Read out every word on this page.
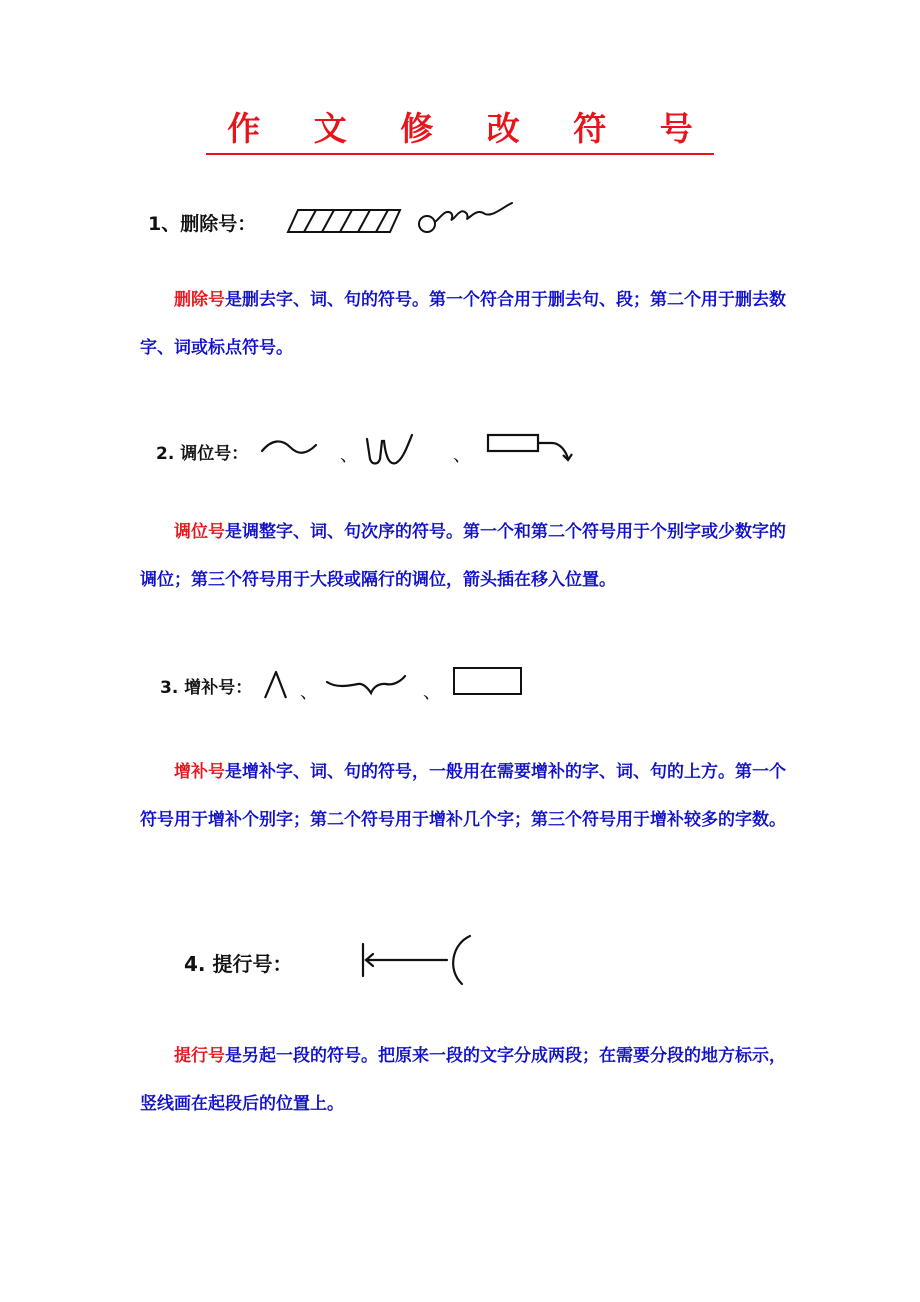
作 文 修 改 符 号
1、删除号：

删除号是删去字、词、句的符号。第一个符合用于删去句、段；第二个用于删去数字、词或标点符号。

2. 调位号：	、	、

调位号是调整字、词、句次序的符号。第一个和第二个符号用于个别字或少数字的调位；第三个符号用于大段或隔行的调位，箭头插在移入位置。

3. 增补号：	、	、

增补号是增补字、词、句的符号，一般用在需要增补的字、词、句的上方。第一个符号用于增补个别字；第二个符号用于增补几个字；第三个符号用于增补较多的字数。

4. 提行号：

提行号是另起一段的符号。把原来一段的文字分成两段；在需要分段的地方标示，竖线画在起段后的位置上。
